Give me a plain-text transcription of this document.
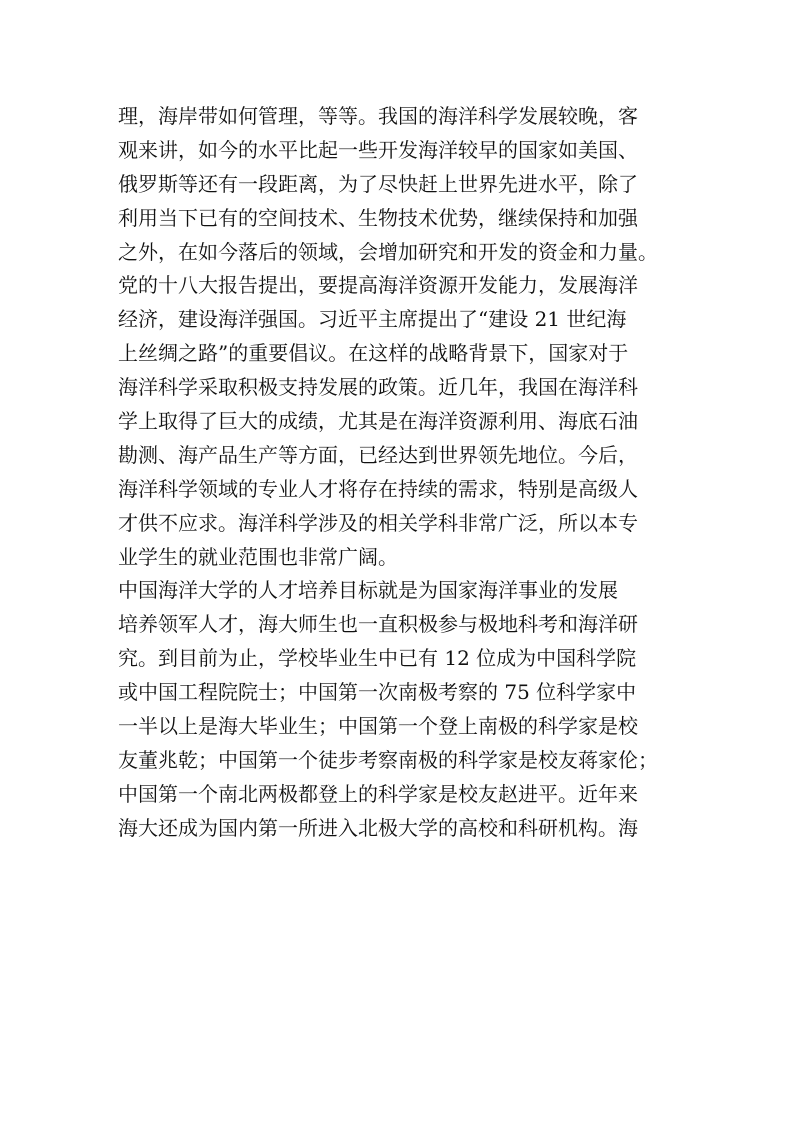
理，海岸带如何管理，等等。我国的海洋科学发展较晚，客
观来讲，如今的水平比起一些开发海洋较早的国家如美国、
俄罗斯等还有一段距离，为了尽快赶上世界先进水平，除了
利用当下已有的空间技术、生物技术优势，继续保持和加强
之外，在如今落后的领域，会增加研究和开发的资金和力量。
党的十八大报告提出，要提高海洋资源开发能力，发展海洋
经济，建设海洋强国。习近平主席提出了“建设 21 世纪海
上丝绸之路”的重要倡议。在这样的战略背景下，国家对于
海洋科学采取积极支持发展的政策。近几年，我国在海洋科
学上取得了巨大的成绩，尤其是在海洋资源利用、海底石油
勘测、海产品生产等方面，已经达到世界领先地位。今后，
海洋科学领域的专业人才将存在持续的需求，特别是高级人
才供不应求。海洋科学涉及的相关学科非常广泛，所以本专
业学生的就业范围也非常广阔。
中国海洋大学的人才培养目标就是为国家海洋事业的发展
培养领军人才，海大师生也一直积极参与极地科考和海洋研
究。到目前为止，学校毕业生中已有 12 位成为中国科学院
或中国工程院院士；中国第一次南极考察的 75 位科学家中
一半以上是海大毕业生；中国第一个登上南极的科学家是校
友董兆乾；中国第一个徒步考察南极的科学家是校友蒋家伦；
中国第一个南北两极都登上的科学家是校友赵进平。近年来
海大还成为国内第一所进入北极大学的高校和科研机构。海
